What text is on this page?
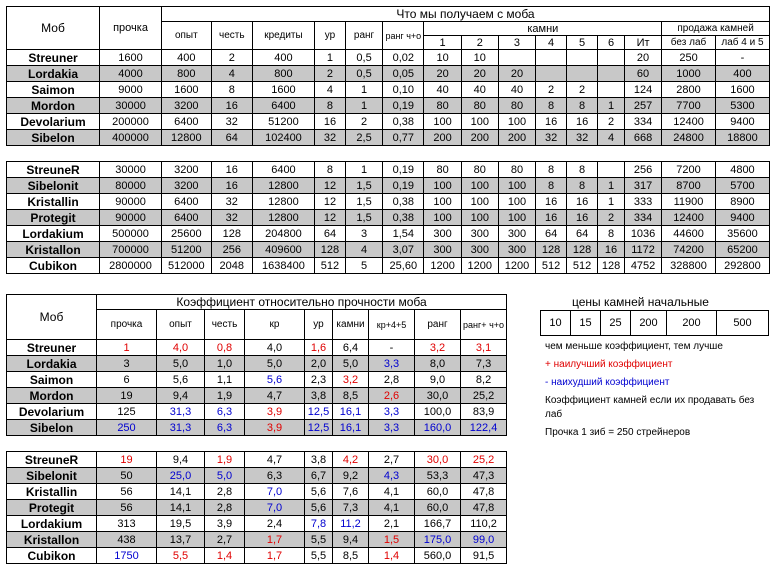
Моб	прочка	Что мы получаем с моба														
		опыт	честь	кредиты	ур	ранг	ранг ч+о	камни							продажа камней	
								1	2	3	4	5	6	Ит	без лаб	лаб 4 и 5
Streuner	1600	400	2	400	1	0,5	0,02	10	10					20	250	-
Lordakia	4000	800	4	800	2	0,5	0,05	20	20	20				60	1000	400
Saimon	9000	1600	8	1600	4	1	0,10	40	40	40	2	2		124	2800	1600
Mordon	30000	3200	16	6400	8	1	0,19	80	80	80	8	8	1	257	7700	5300
Devolarium	200000	6400	32	51200	16	2	0,38	100	100	100	16	16	2	334	12400	9400
Sibelon	400000	12800	64	102400	32	2,5	0,77	200	200	200	32	32	4	668	24800	18800

StreuneR	30000	3200	16	6400	8	1	0,19	80	80	80	8	8		256	7200	4800
Sibelonit	80000	3200	16	12800	12	1,5	0,19	100	100	100	8	8	1	317	8700	5700
Kristallin	90000	6400	32	12800	12	1,5	0,38	100	100	100	16	16	1	333	11900	8900
Protegit	90000	6400	32	12800	12	1,5	0,38	100	100	100	16	16	2	334	12400	9400
Lordakium	500000	25600	128	204800	64	3	1,54	300	300	300	64	64	8	1036	44600	35600
Kristallon	700000	51200	256	409600	128	4	3,07	300	300	300	128	128	16	1172	74200	65200
Cubikon	2800000	512000	2048	1638400	512	5	25,60	1200	1200	1200	512	512	128	4752	328800	292800
Моб	Коэффициент относительно прочности моба								
	прочка	опыт	честь	кр	ур	камни	кр+4+5	ранг	ранг+ ч+о
Streuner	1	4,0	0,8	4,0	1,6	6,4	-	3,2	3,1
Lordakia	3	5,0	1,0	5,0	2,0	5,0	3,3	8,0	7,3
Saimon	6	5,6	1,1	5,6	2,3	3,2	2,8	9,0	8,2
Mordon	19	9,4	1,9	4,7	3,8	8,5	2,6	30,0	25,2
Devolarium	125	31,3	6,3	3,9	12,5	16,1	3,3	100,0	83,9
Sibelon	250	31,3	6,3	3,9	12,5	16,1	3,3	160,0	122,4

StreuneR	19	9,4	1,9	4,7	3,8	4,2	2,7	30,0	25,2
Sibelonit	50	25,0	5,0	6,3	6,7	9,2	4,3	53,3	47,3
Kristallin	56	14,1	2,8	7,0	5,6	7,6	4,1	60,0	47,8
Protegit	56	14,1	2,8	7,0	5,6	7,3	4,1	60,0	47,8
Lordakium	313	19,5	3,9	2,4	7,8	11,2	2,1	166,7	110,2
Kristallon	438	13,7	2,7	1,7	5,5	9,4	1,5	175,0	99,0
Cubikon	1750	5,5	1,4	1,7	5,5	8,5	1,4	560,0	91,5
цены камней начальные
10	15	25	200	200	500
чем меньше коэффициент, тем лучше
+ наилучший коэффициент
- наихудший коэффициент
Коэффициент камней если их продавать без
лаб
Прочка 1 зиб = 250 стрейнеров
